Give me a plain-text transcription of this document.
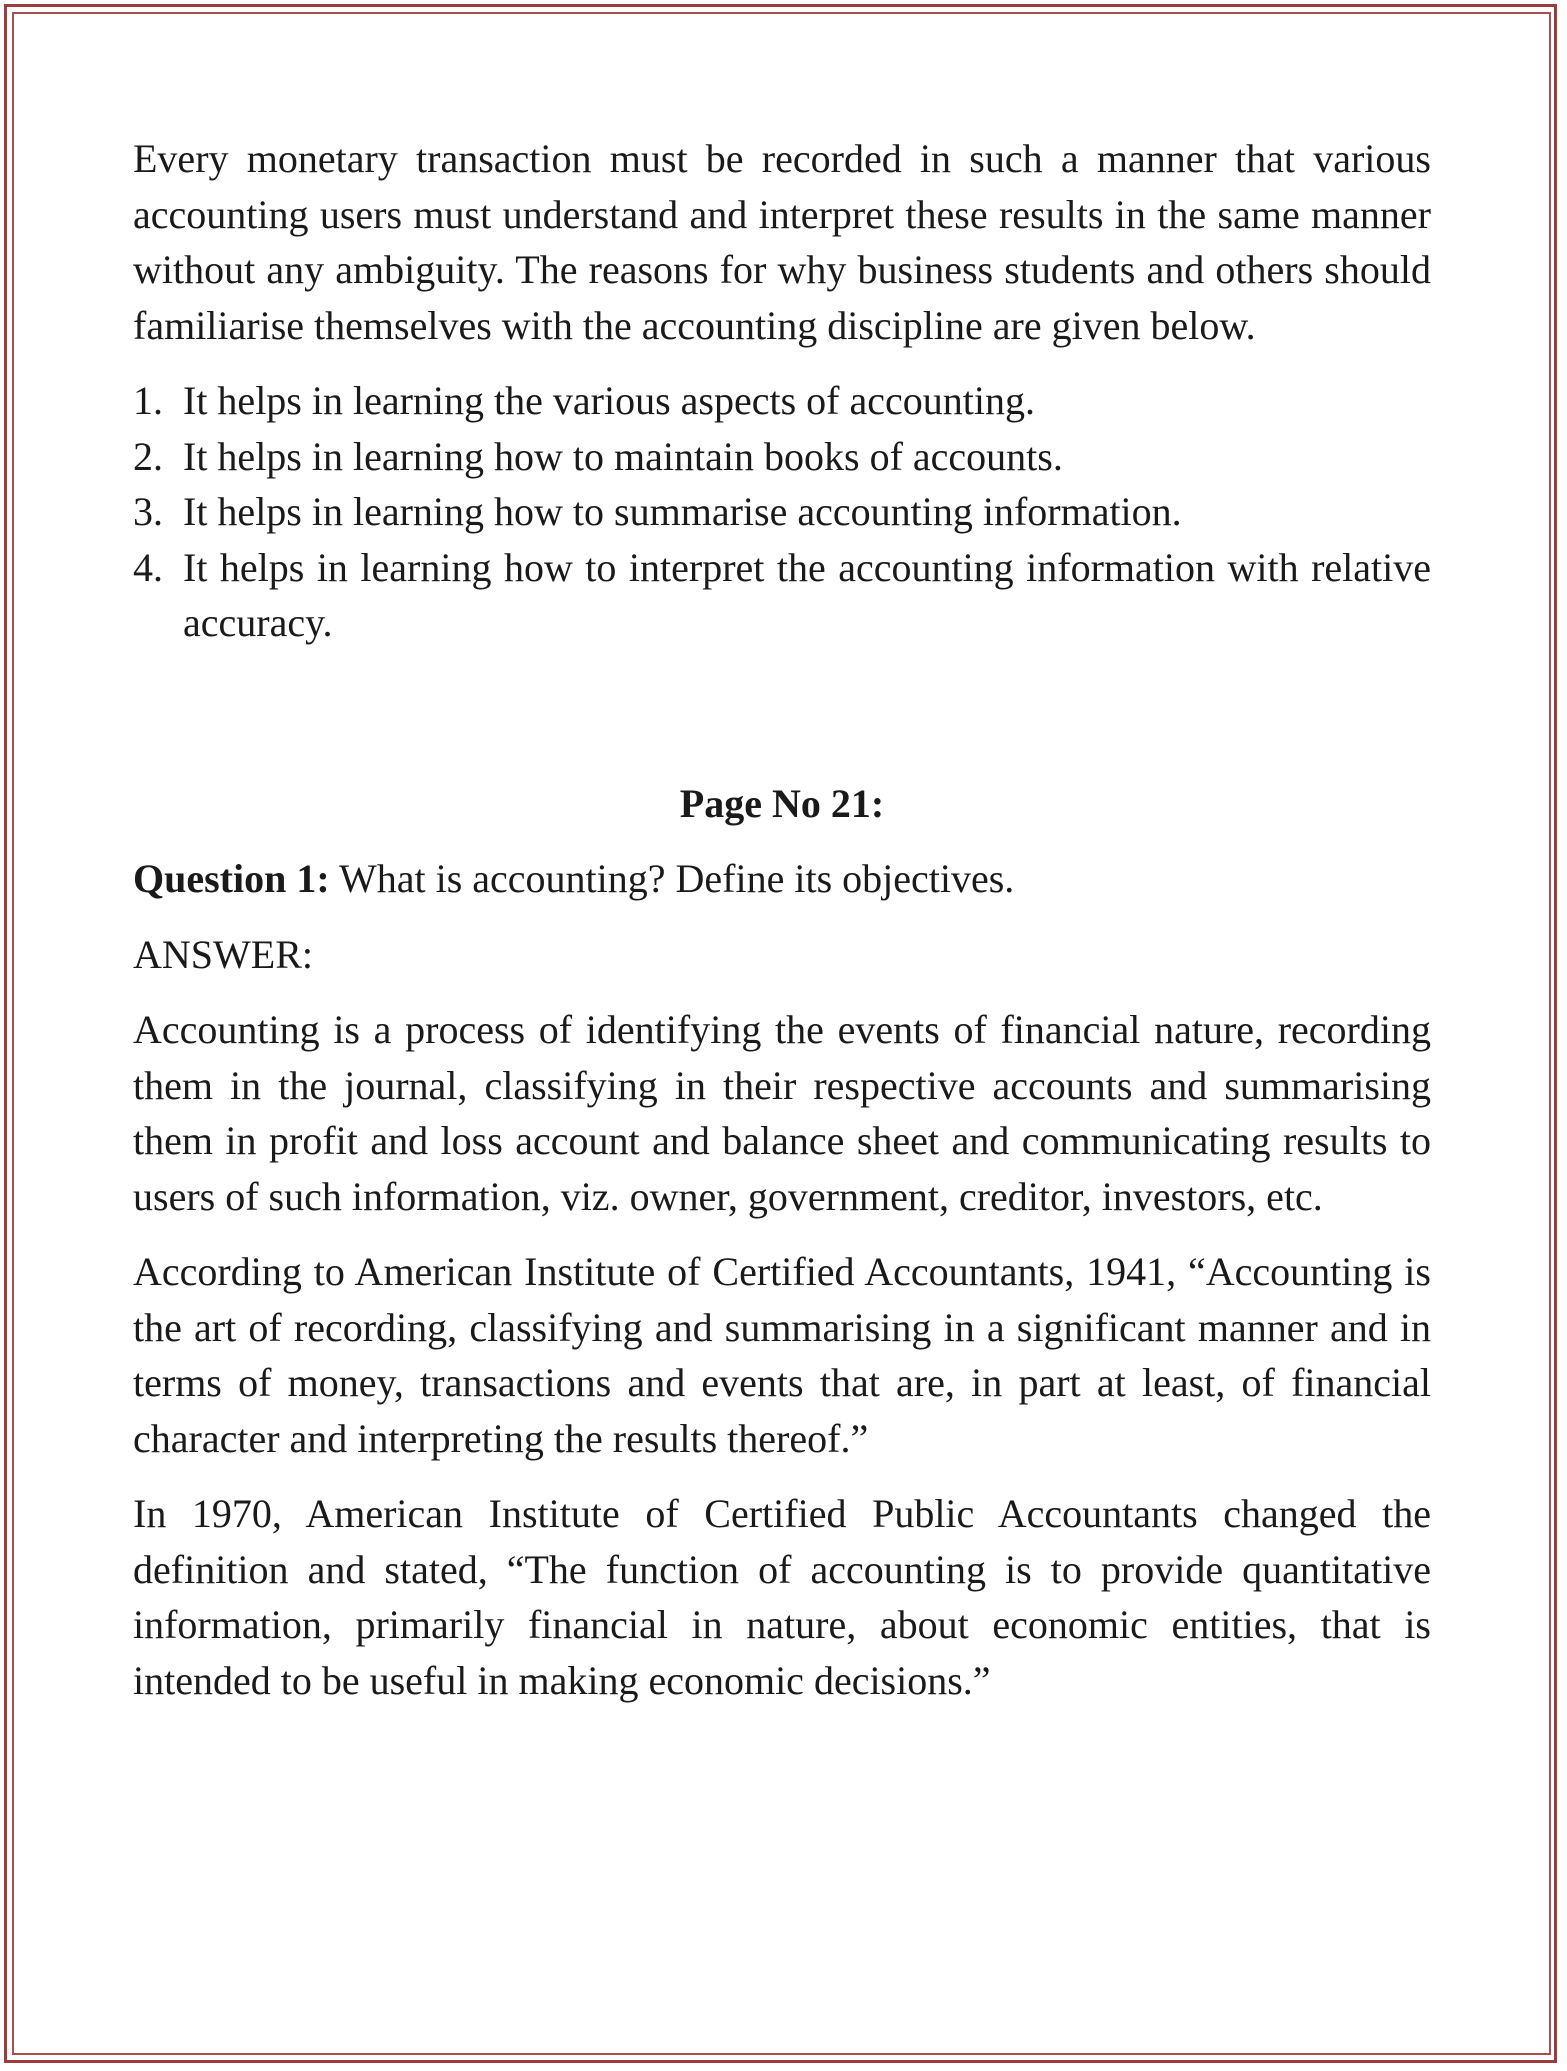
Every monetary transaction must be recorded in such a manner that various accounting users must understand and interpret these results in the same manner without any ambiguity. The reasons for why business students and others should familiarise themselves with the accounting discipline are given below.

1. It helps in learning the various aspects of accounting.
2. It helps in learning how to maintain books of accounts.
3. It helps in learning how to summarise accounting information.
4. It helps in learning how to interpret the accounting information with relative accuracy.

Page No 21:

Question 1: What is accounting? Define its objectives.

ANSWER:

Accounting is a process of identifying the events of financial nature, recording them in the journal, classifying in their respective accounts and summarising them in profit and loss account and balance sheet and communicating results to users of such information, viz. owner, government, creditor, investors, etc.

According to American Institute of Certified Accountants, 1941, “Accounting is the art of recording, classifying and summarising in a significant manner and in terms of money, transactions and events that are, in part at least, of financial character and interpreting the results thereof.”

In 1970, American Institute of Certified Public Accountants changed the definition and stated, “The function of accounting is to provide quantitative information, primarily financial in nature, about economic entities, that is intended to be useful in making economic decisions.”
